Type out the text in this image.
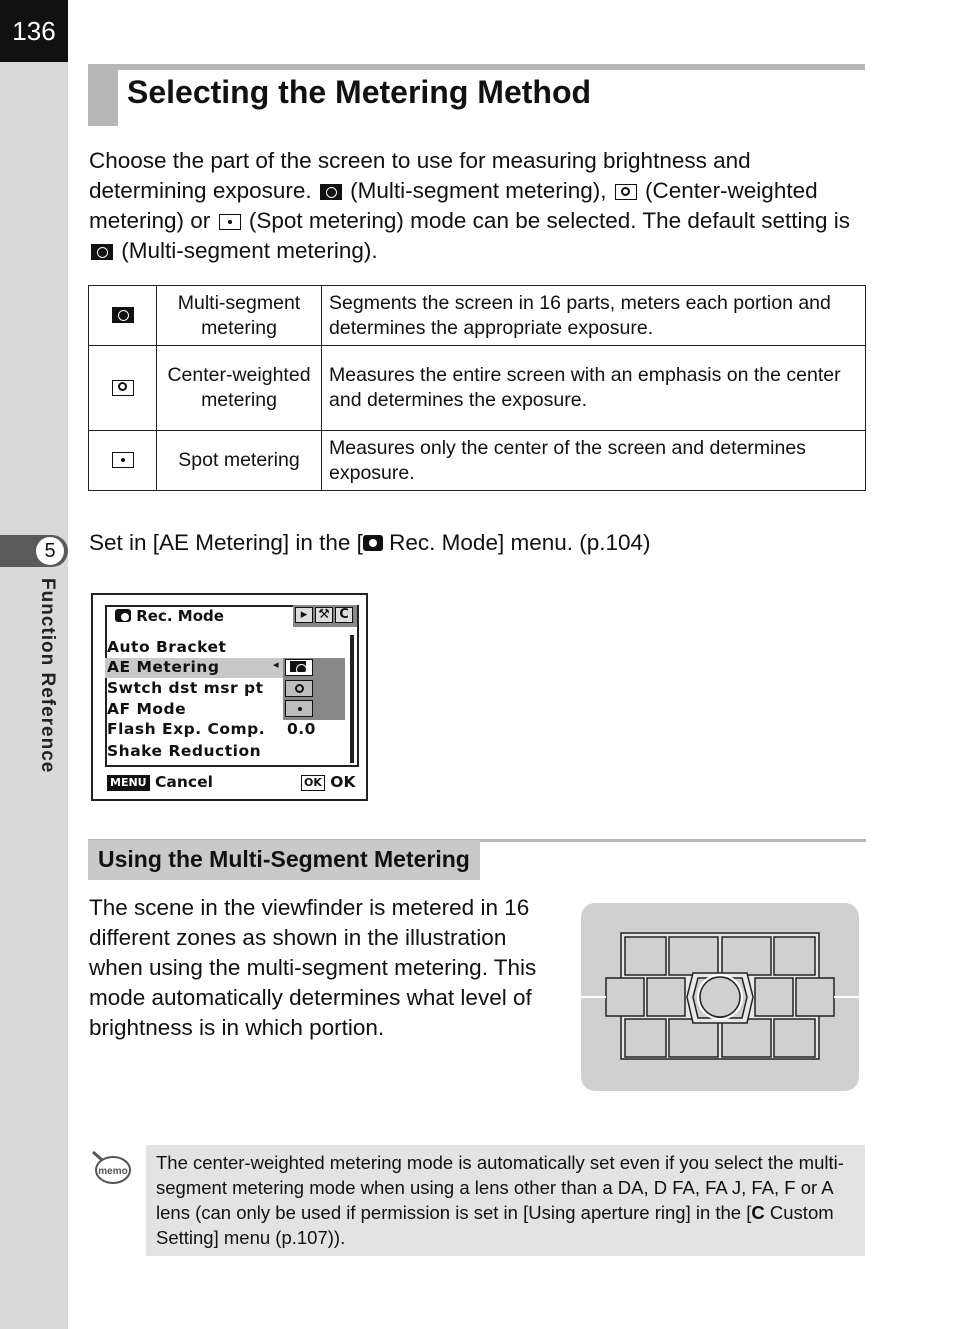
136
5
Function Reference
Selecting the Metering Method
Choose the part of the screen to use for measuring brightness and determining exposure. (Multi-segment metering), (Center-weighted metering) or (Spot metering) mode can be selected. The default setting is  (Multi-segment metering).
	Multi-segment metering	Segments the screen in 16 parts, meters each portion and determines the appropriate exposure.
	Center-weighted metering	Measures the entire screen with an emphasis on the center and determines the exposure.
	Spot metering	Measures only the center of the screen and determines exposure.
Set in [AE Metering] in the [ Rec. Mode] menu. (p.104)
Rec. Mode	▸ ⚒ C
◂
Auto Bracket
AE Metering
Swtch dst msr pt
AF Mode
Flash Exp. Comp. 0.0
Shake Reduction
MENU Cancel	OK OK
Using the Multi-Segment Metering
The scene in the viewfinder is metered in 16 different zones as shown in the illustration when using the multi-segment metering. This mode automatically determines what level of brightness is in which portion.
memo	The center-weighted metering mode is automatically set even if you select the multi-segment metering mode when using a lens other than a DA, D FA, FA J, FA, F or A lens (can only be used if permission is set in [Using aperture ring] in the [C Custom Setting] menu (p.107)).
